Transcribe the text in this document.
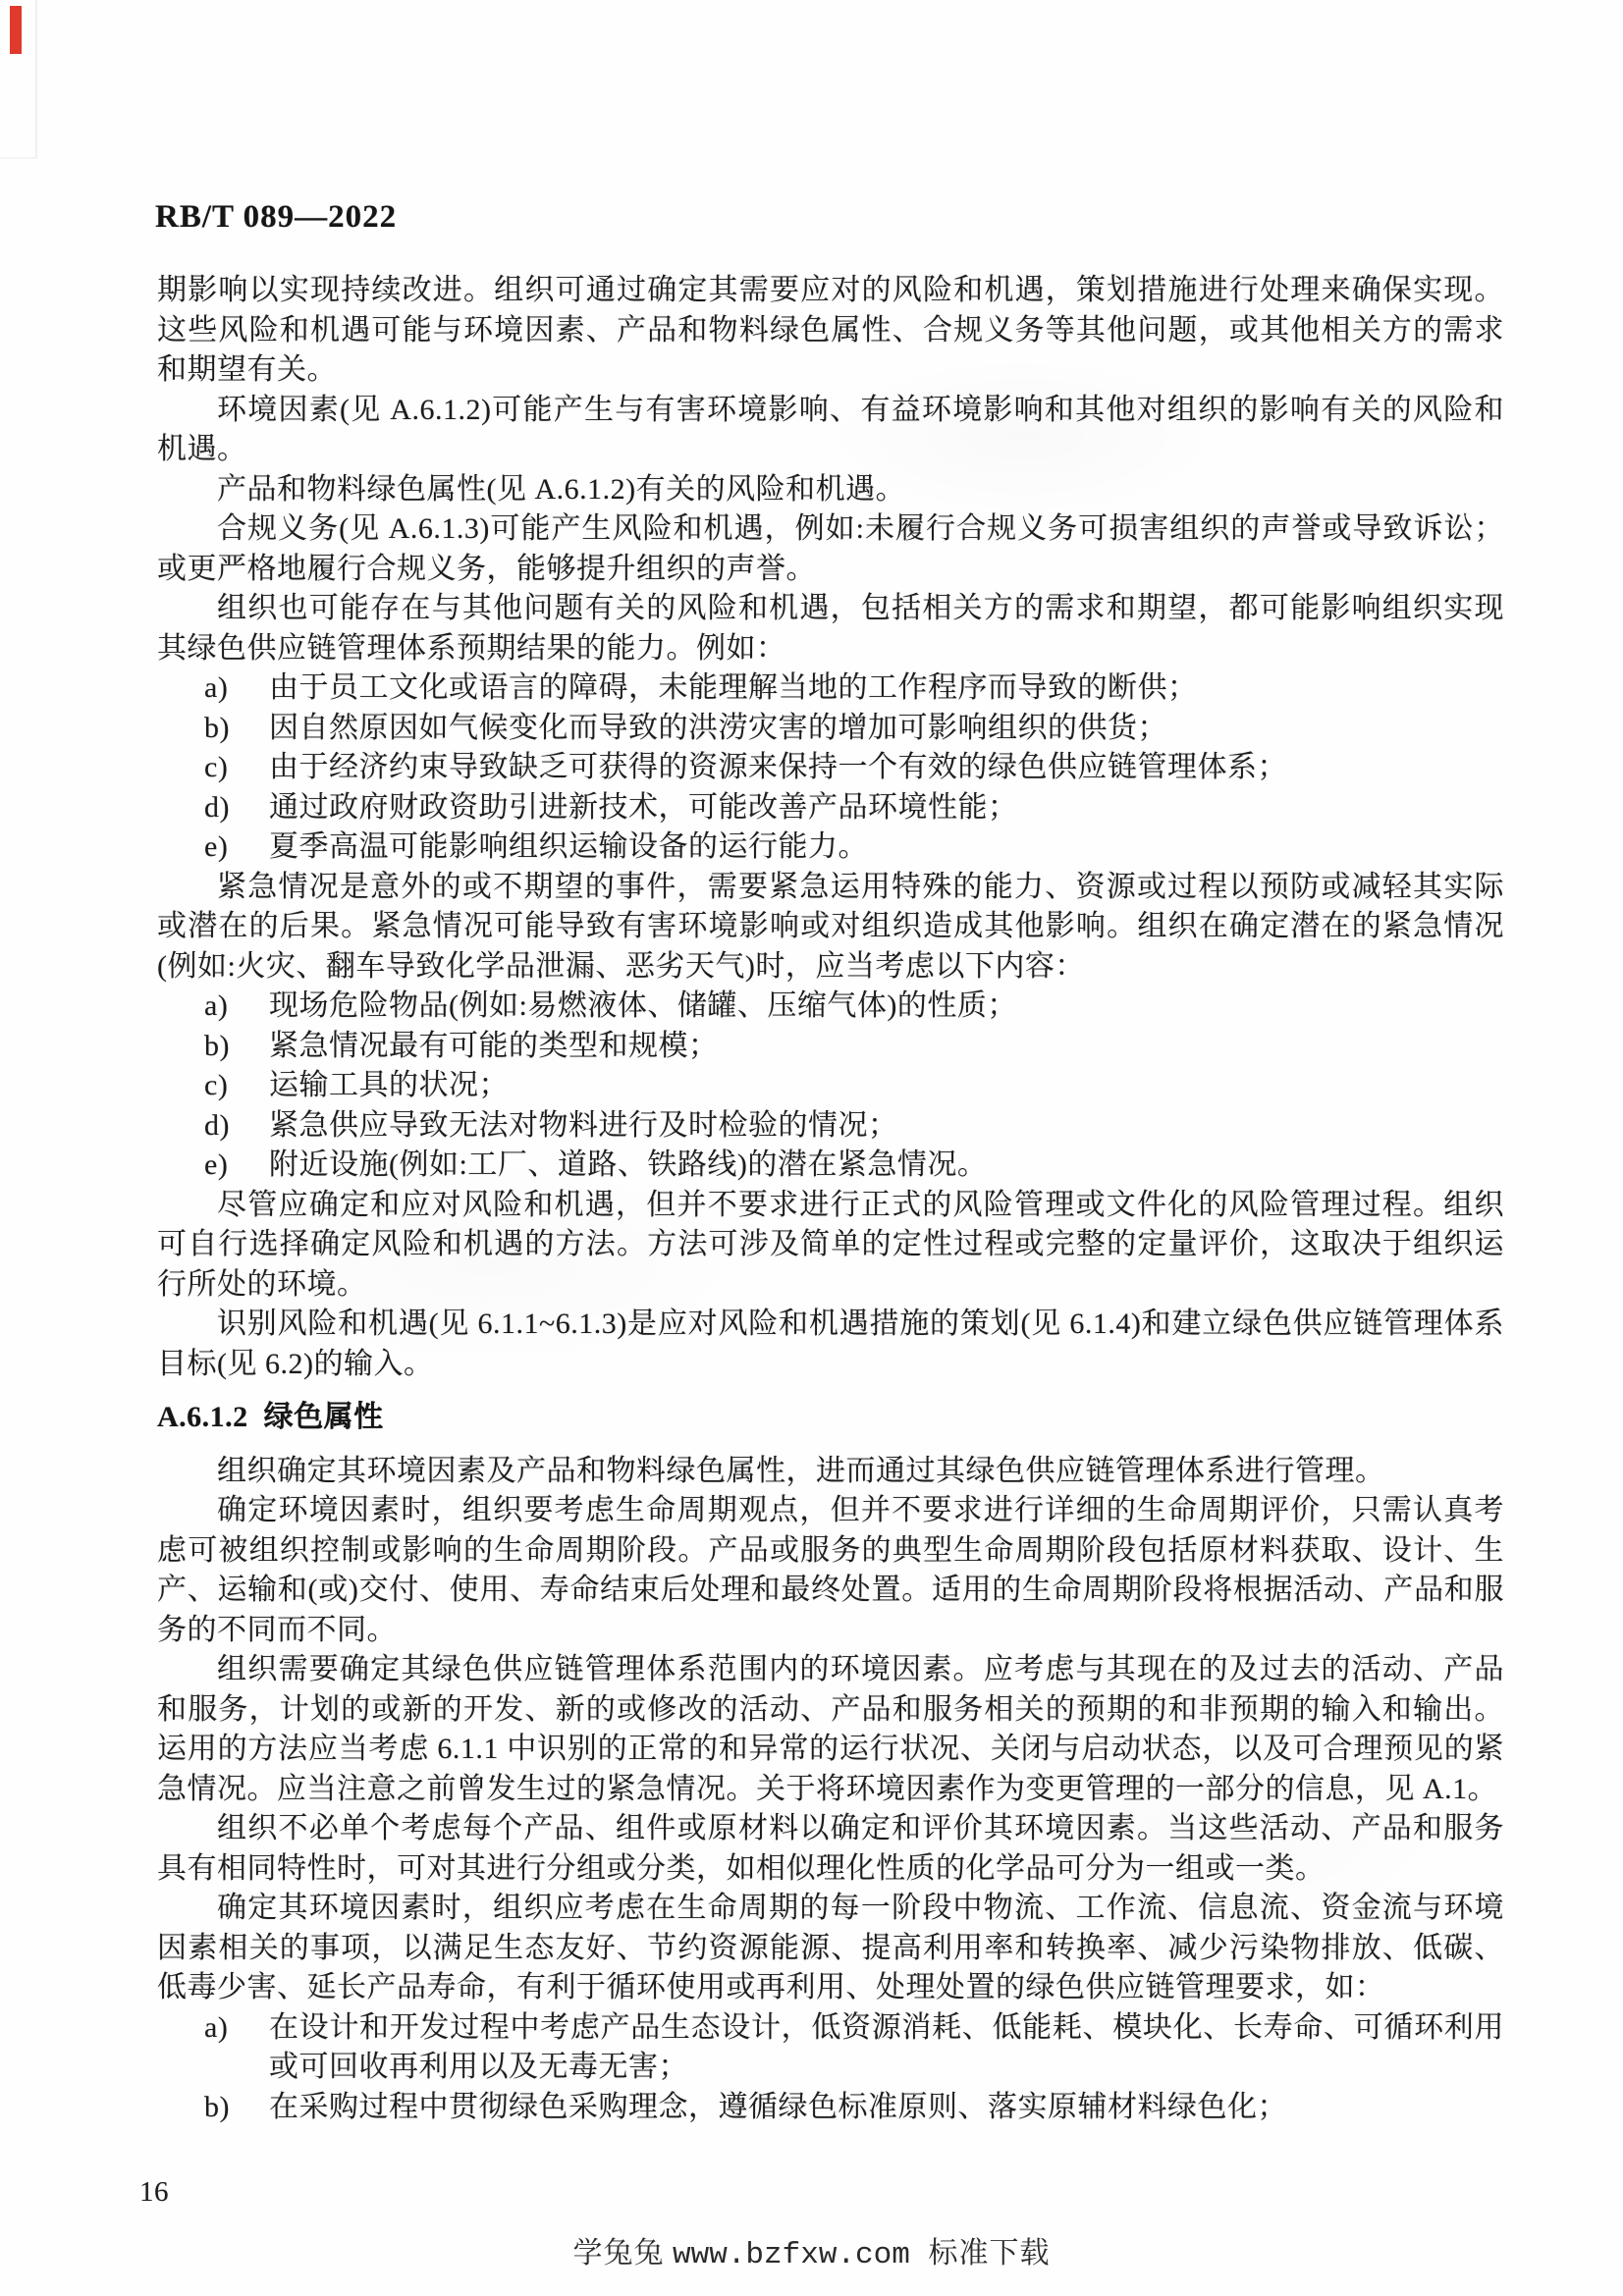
RB/T 089—2022

期影响以实现持续改进。组织可通过确定其需要应对的风险和机遇，策划措施进行处理来确保实现。这些风险和机遇可能与环境因素、产品和物料绿色属性、合规义务等其他问题，或其他相关方的需求和期望有关。

环境因素(见 A.6.1.2)可能产生与有害环境影响、有益环境影响和其他对组织的影响有关的风险和机遇。

产品和物料绿色属性(见 A.6.1.2)有关的风险和机遇。

合规义务(见 A.6.1.3)可能产生风险和机遇，例如:未履行合规义务可损害组织的声誉或导致诉讼；或更严格地履行合规义务，能够提升组织的声誉。

组织也可能存在与其他问题有关的风险和机遇，包括相关方的需求和期望，都可能影响组织实现其绿色供应链管理体系预期结果的能力。例如：

a) 由于员工文化或语言的障碍，未能理解当地的工作程序而导致的断供；
b) 因自然原因如气候变化而导致的洪涝灾害的增加可影响组织的供货；
c) 由于经济约束导致缺乏可获得的资源来保持一个有效的绿色供应链管理体系；
d) 通过政府财政资助引进新技术，可能改善产品环境性能；
e) 夏季高温可能影响组织运输设备的运行能力。

紧急情况是意外的或不期望的事件，需要紧急运用特殊的能力、资源或过程以预防或减轻其实际或潜在的后果。紧急情况可能导致有害环境影响或对组织造成其他影响。组织在确定潜在的紧急情况(例如:火灾、翻车导致化学品泄漏、恶劣天气)时，应当考虑以下内容：

a) 现场危险物品(例如:易燃液体、储罐、压缩气体)的性质；
b) 紧急情况最有可能的类型和规模；
c) 运输工具的状况；
d) 紧急供应导致无法对物料进行及时检验的情况；
e) 附近设施(例如:工厂、道路、铁路线)的潜在紧急情况。

尽管应确定和应对风险和机遇，但并不要求进行正式的风险管理或文件化的风险管理过程。组织可自行选择确定风险和机遇的方法。方法可涉及简单的定性过程或完整的定量评价，这取决于组织运行所处的环境。

识别风险和机遇(见 6.1.1~6.1.3)是应对风险和机遇措施的策划(见 6.1.4)和建立绿色供应链管理体系目标(见 6.2)的输入。

A.6.1.2 绿色属性

组织确定其环境因素及产品和物料绿色属性，进而通过其绿色供应链管理体系进行管理。

确定环境因素时，组织要考虑生命周期观点，但并不要求进行详细的生命周期评价，只需认真考虑可被组织控制或影响的生命周期阶段。产品或服务的典型生命周期阶段包括原材料获取、设计、生产、运输和(或)交付、使用、寿命结束后处理和最终处置。适用的生命周期阶段将根据活动、产品和服务的不同而不同。

组织需要确定其绿色供应链管理体系范围内的环境因素。应考虑与其现在的及过去的活动、产品和服务，计划的或新的开发、新的或修改的活动、产品和服务相关的预期的和非预期的输入和输出。运用的方法应当考虑 6.1.1 中识别的正常的和异常的运行状况、关闭与启动状态，以及可合理预见的紧急情况。应当注意之前曾发生过的紧急情况。关于将环境因素作为变更管理的一部分的信息，见 A.1。

组织不必单个考虑每个产品、组件或原材料以确定和评价其环境因素。当这些活动、产品和服务具有相同特性时，可对其进行分组或分类，如相似理化性质的化学品可分为一组或一类。

确定其环境因素时，组织应考虑在生命周期的每一阶段中物流、工作流、信息流、资金流与环境因素相关的事项，以满足生态友好、节约资源能源、提高利用率和转换率、减少污染物排放、低碳、低毒少害、延长产品寿命，有利于循环使用或再利用、处理处置的绿色供应链管理要求，如：

a) 在设计和开发过程中考虑产品生态设计，低资源消耗、低能耗、模块化、长寿命、可循环利用或可回收再利用以及无毒无害；
b) 在采购过程中贯彻绿色采购理念，遵循绿色标准原则、落实原辅材料绿色化；
16
学兔兔 www.bzfxw.com 标准下载
